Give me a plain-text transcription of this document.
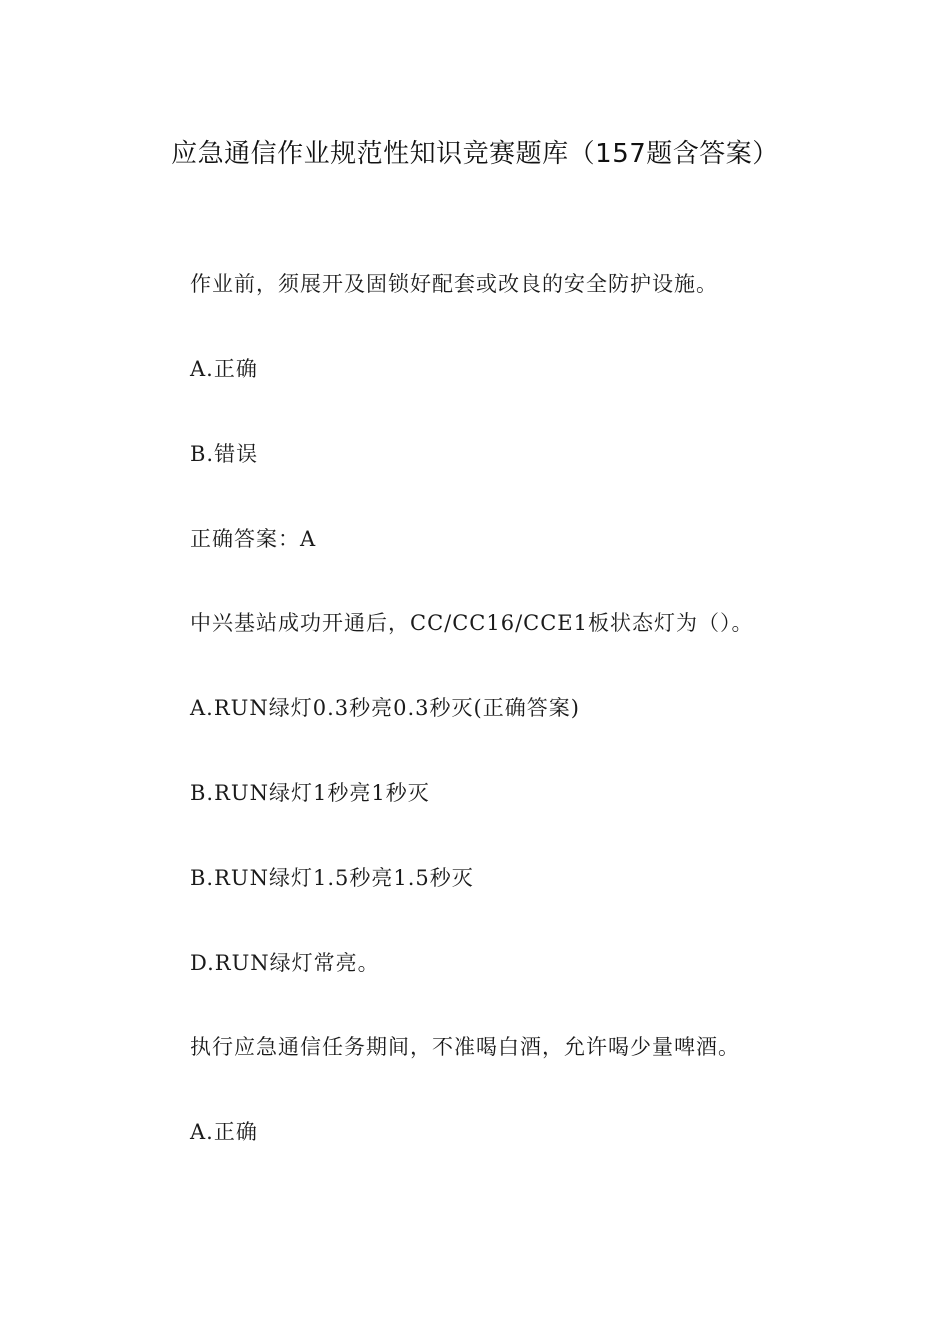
应急通信作业规范性知识竞赛题库（157题含答案）
作业前，须展开及固锁好配套或改良的安全防护设施。
A.正确
B.错误
正确答案：A
中兴基站成功开通后，CC/CC16/CCE1板状态灯为（）。
A.RUN绿灯0.3秒亮0.3秒灭(正确答案)
B.RUN绿灯1秒亮1秒灭
B.RUN绿灯1.5秒亮1.5秒灭
D.RUN绿灯常亮。
执行应急通信任务期间，不准喝白酒，允许喝少量啤酒。
A.正确
